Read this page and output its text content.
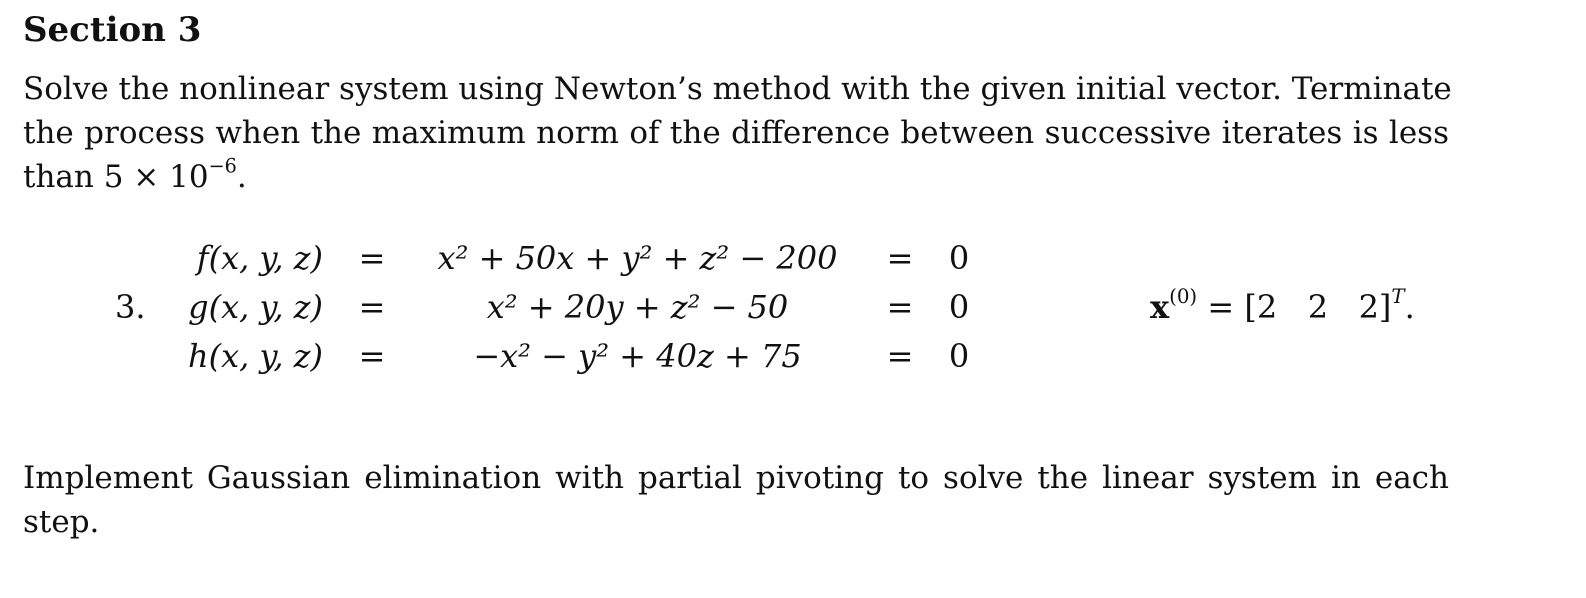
Section 3
Solve the nonlinear system using Newton’s method with the given initial vector. Terminate
the process when the maximum norm of the difference between successive iterates is less
than $5 \times 10^{-6}$.
3.
f(x, y, z) =	x² + 50x + y² + z² − 200	= 0
g(x, y, z) =	x² + 20y + z² − 50	= 0
h(x, y, z) =	−x² − y² + 40z + 75	= 0
$x^{(0)} = [2$   2   2]$^T$.
Implement Gaussian elimination with partial pivoting to solve the linear system in each step.
